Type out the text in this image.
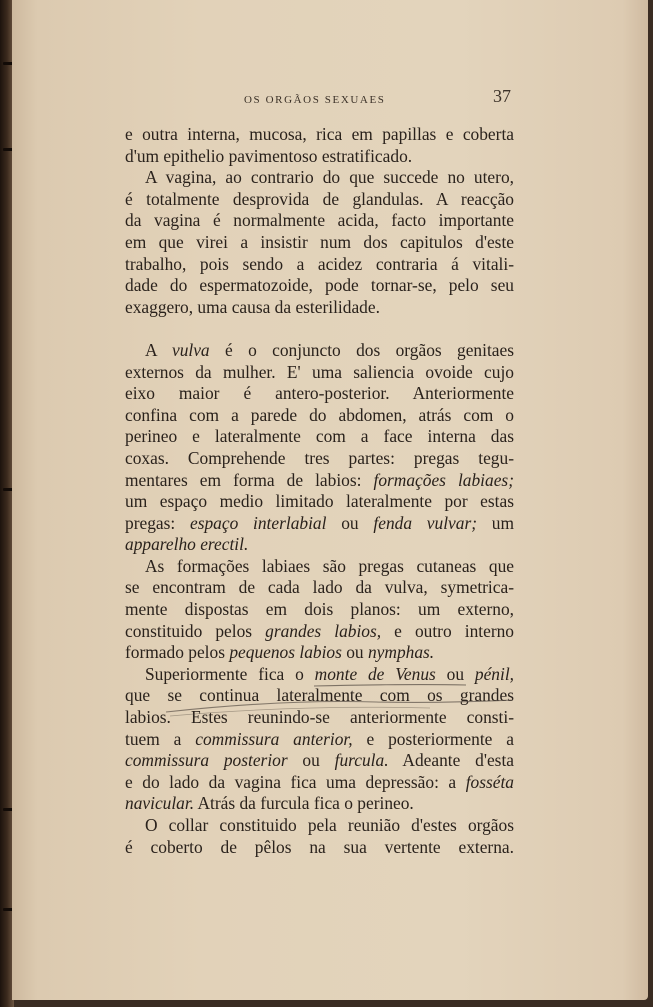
OS ORGÃOS SEXUAES	37
e outra interna, mucosa, rica em papillas e coberta
d'um epithelio pavimentoso estratificado.
A vagina, ao contrario do que succede no utero,
é totalmente desprovida de glandulas. A reacção
da vagina é normalmente acida, facto importante
em que virei a insistir num dos capitulos d'este
trabalho, pois sendo a acidez contraria á vitali-
dade do espermatozoide, pode tornar-se, pelo seu
exaggero, uma causa da esterilidade.
A vulva é o conjuncto dos orgãos genitaes
externos da mulher. E' uma saliencia ovoide cujo
eixo maior é antero-posterior. Anteriormente
confina com a parede do abdomen, atrás com o
perineo e lateralmente com a face interna das
coxas. Comprehende tres partes: pregas tegu-
mentares em forma de labios: formações labiaes;
um espaço medio limitado lateralmente por estas
pregas: espaço interlabial ou fenda vulvar; um
apparelho erectil.
As formações labiaes são pregas cutaneas que
se encontram de cada lado da vulva, symetrica-
mente dispostas em dois planos: um externo,
constituido pelos grandes labios, e outro interno
formado pelos pequenos labios ou nymphas.
Superiormente fica o monte de Venus ou pénil,
que se continua lateralmente com os grandes
labios. Estes reunindo-se anteriormente consti-
tuem a commissura anterior, e posteriormente a
commissura posterior ou furcula. Adeante d'esta
e do lado da vagina fica uma depressão: a fosséta
navicular. Atrás da furcula fica o perineo.
O collar constituido pela reunião d'estes orgãos
é coberto de pêlos na sua vertente externa.
